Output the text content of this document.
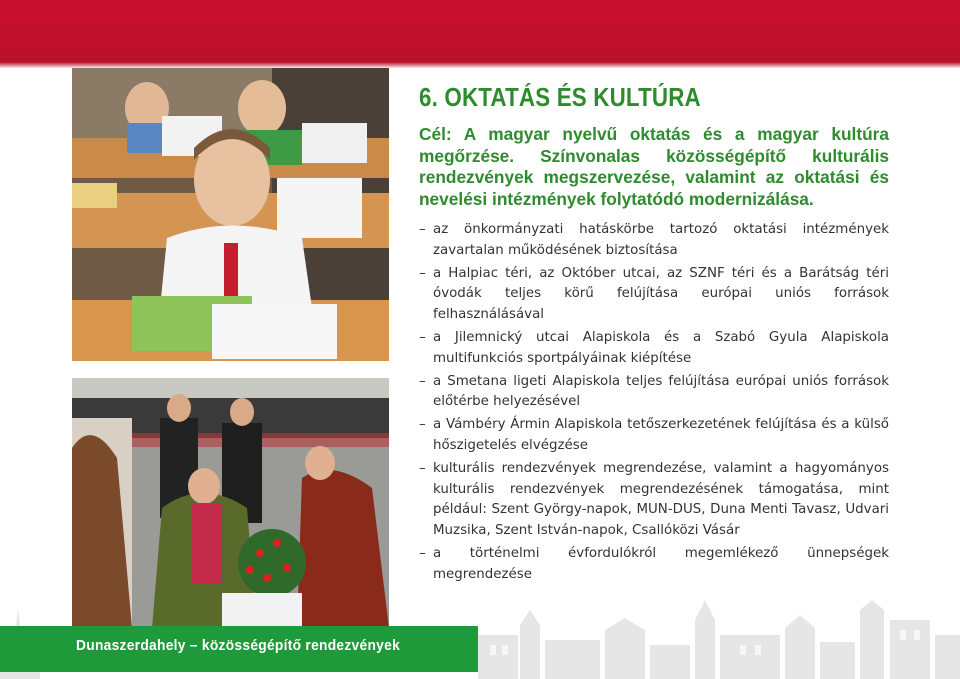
6. OKTATÁS ÉS KULTÚRA
Cél: A magyar nyelvű oktatás és a magyar kultúra megőrzése. Színvonalas közösségépítő kulturális rendezvények megszervezése, valamint az oktatási és nevelési intézmények folytatódó modernizálása.
– az önkormányzati hatáskörbe tartozó oktatási intézmények zavartalan működésének biztosítása
– a Halpiac téri, az Október utcai, az SZNF téri és a Barátság téri óvodák teljes körű felújítása európai uniós források felhasználásával
– a Jilemnický utcai Alapiskola és a Szabó Gyula Alapiskola multifunkciós sportpályáinak kiépítése
– a Smetana ligeti Alapiskola teljes felújítása európai uniós források előtérbe helyezésével
– a Vámbéry Ármin Alapiskola tetőszerkezetének felújítása és a külső hőszigetelés elvégzése
– kulturális rendezvények megrendezése, valamint a hagyományos kulturális rendezvények megrendezésének támogatása, mint például: Szent György-napok, MUN-DUS, Duna Menti Tavasz, Udvari Muzsika, Szent István-napok, Csallóközi Vásár
– a történelmi évfordulókról megemlékező ünnepségek megrendezése
Dunaszerdahely – közösségépítő rendezvények
